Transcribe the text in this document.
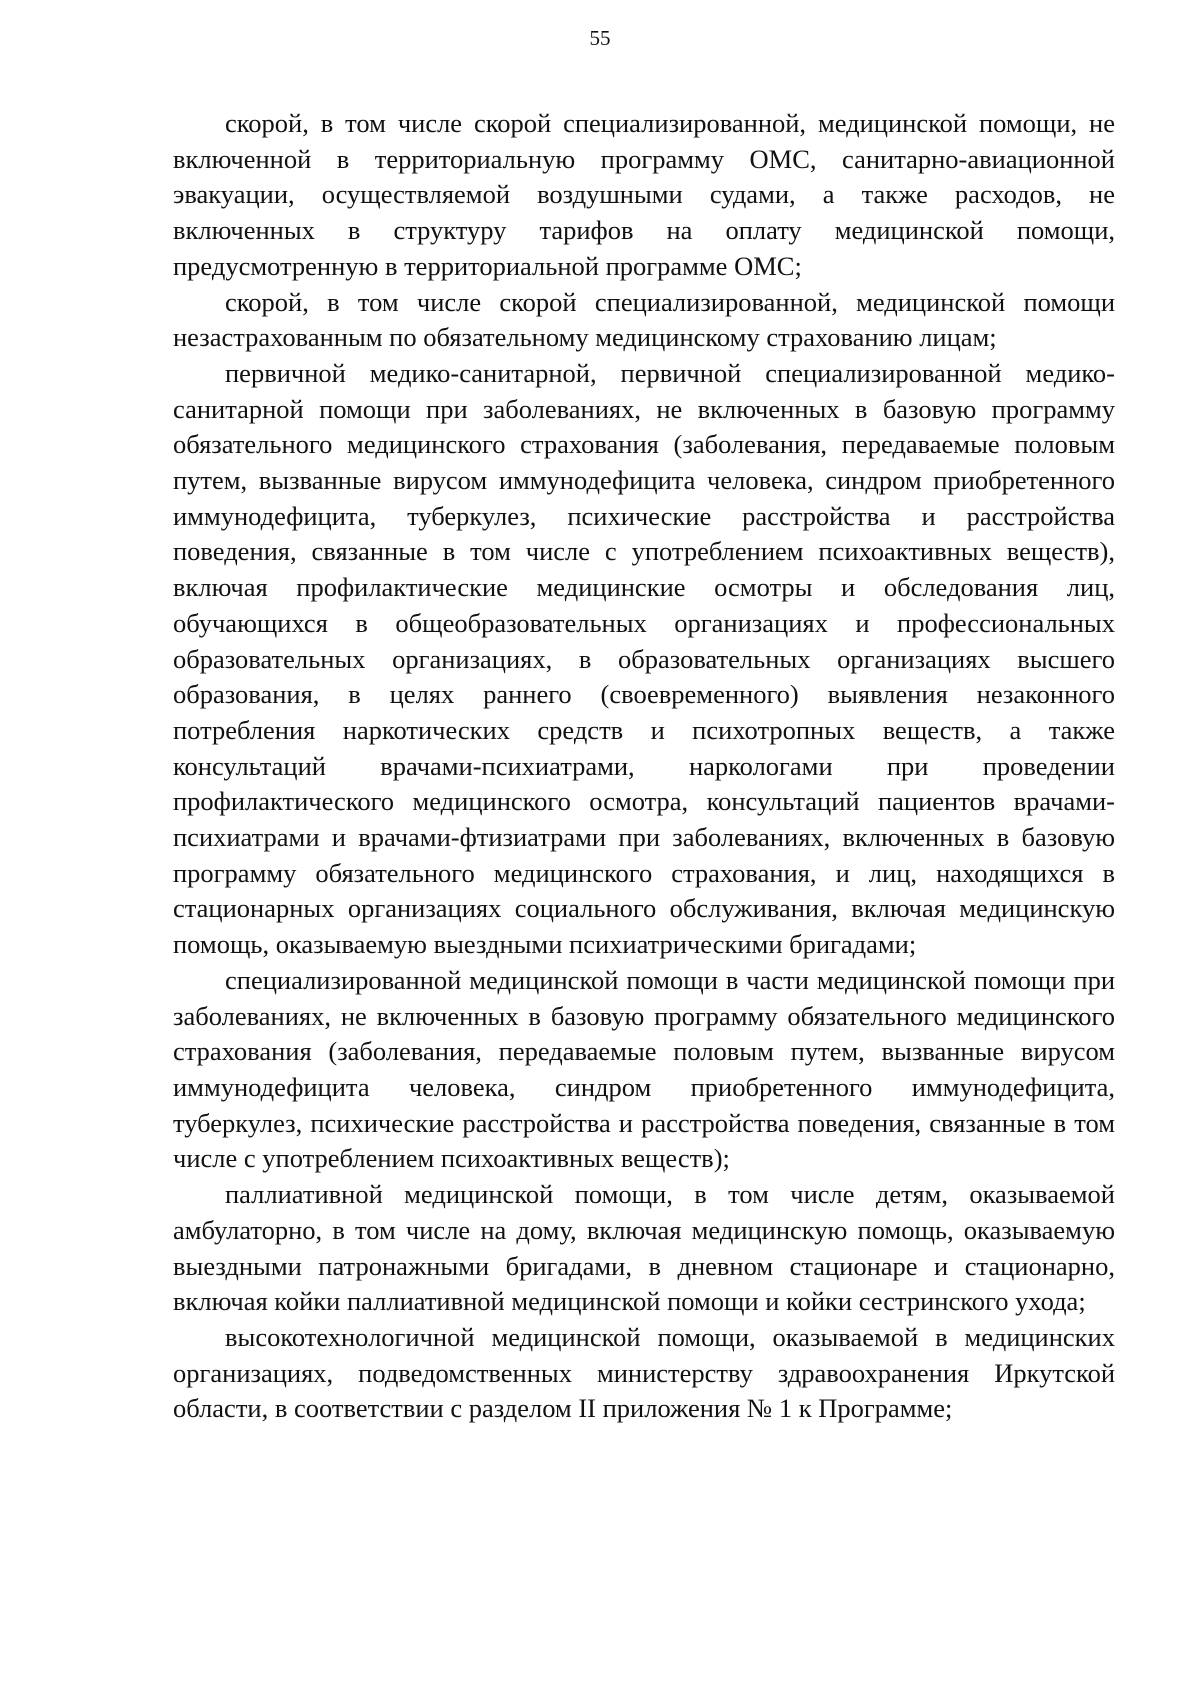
55

скорой, в том числе скорой специализированной, медицинской помощи, не включенной в территориальную программу ОМС, санитарно-авиационной эвакуации, осуществляемой воздушными судами, а также расходов, не включенных в структуру тарифов на оплату медицинской помощи, предусмотренную в территориальной программе ОМС;

скорой, в том числе скорой специализированной, медицинской помощи незастрахованным по обязательному медицинскому страхованию лицам;

первичной медико-санитарной, первичной специализированной медико-санитарной помощи при заболеваниях, не включенных в базовую программу обязательного медицинского страхования (заболевания, передаваемые половым путем, вызванные вирусом иммунодефицита человека, синдром приобретенного иммунодефицита, туберкулез, психические расстройства и расстройства поведения, связанные в том числе с употреблением психоактивных веществ), включая профилактические медицинские осмотры и обследования лиц, обучающихся в общеобразовательных организациях и профессиональных образовательных организациях, в образовательных организациях высшего образования, в целях раннего (своевременного) выявления незаконного потребления наркотических средств и психотропных веществ, а также консультаций врачами-психиатрами, наркологами при проведении профилактического медицинского осмотра, консультаций пациентов врачами-психиатрами и врачами-фтизиатрами при заболеваниях, включенных в базовую программу обязательного медицинского страхования, и лиц, находящихся в стационарных организациях социального обслуживания, включая медицинскую помощь, оказываемую выездными психиатрическими бригадами;

специализированной медицинской помощи в части медицинской помощи при заболеваниях, не включенных в базовую программу обязательного медицинского страхования (заболевания, передаваемые половым путем, вызванные вирусом иммунодефицита человека, синдром приобретенного иммунодефицита, туберкулез, психические расстройства и расстройства поведения, связанные в том числе с употреблением психоактивных веществ);

паллиативной медицинской помощи, в том числе детям, оказываемой амбулаторно, в том числе на дому, включая медицинскую помощь, оказываемую выездными патронажными бригадами, в дневном стационаре и стационарно, включая койки паллиативной медицинской помощи и койки сестринского ухода;

высокотехнологичной медицинской помощи, оказываемой в медицинских организациях, подведомственных министерству здравоохранения Иркутской области, в соответствии с разделом II приложения № 1 к Программе;
